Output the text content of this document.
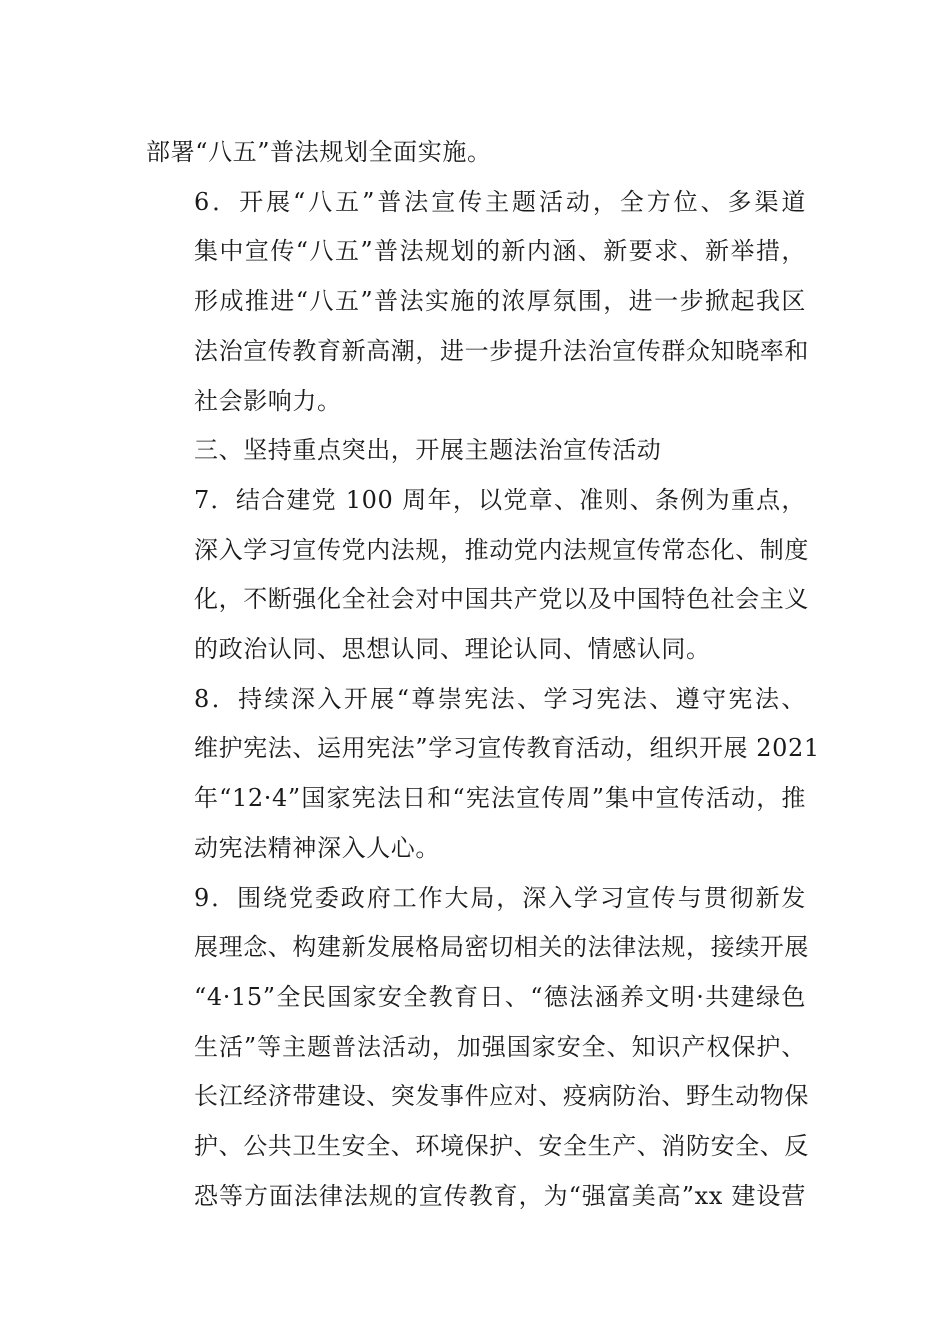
部署“八五”普法规划全面实施。

6．开展“八五”普法宣传主题活动，全方位、多渠道
集中宣传“八五”普法规划的新内涵、新要求、新举措，
形成推进“八五”普法实施的浓厚氛围，进一步掀起我区
法治宣传教育新高潮，进一步提升法治宣传群众知晓率和
社会影响力。

三、坚持重点突出，开展主题法治宣传活动

7．结合建党 100 周年，以党章、准则、条例为重点，
深入学习宣传党内法规，推动党内法规宣传常态化、制度
化，不断强化全社会对中国共产党以及中国特色社会主义
的政治认同、思想认同、理论认同、情感认同。

8．持续深入开展“尊崇宪法、学习宪法、遵守宪法、
维护宪法、运用宪法”学习宣传教育活动，组织开展 2021
年“12·4”国家宪法日和“宪法宣传周”集中宣传活动，推
动宪法精神深入人心。

9．围绕党委政府工作大局，深入学习宣传与贯彻新发
展理念、构建新发展格局密切相关的法律法规，接续开展
“4·15”全民国家安全教育日、“德法涵养文明·共建绿色
生活”等主题普法活动，加强国家安全、知识产权保护、
长江经济带建设、突发事件应对、疫病防治、野生动物保
护、公共卫生安全、环境保护、安全生产、消防安全、反
恐等方面法律法规的宣传教育，为“强富美高”xx 建设营
